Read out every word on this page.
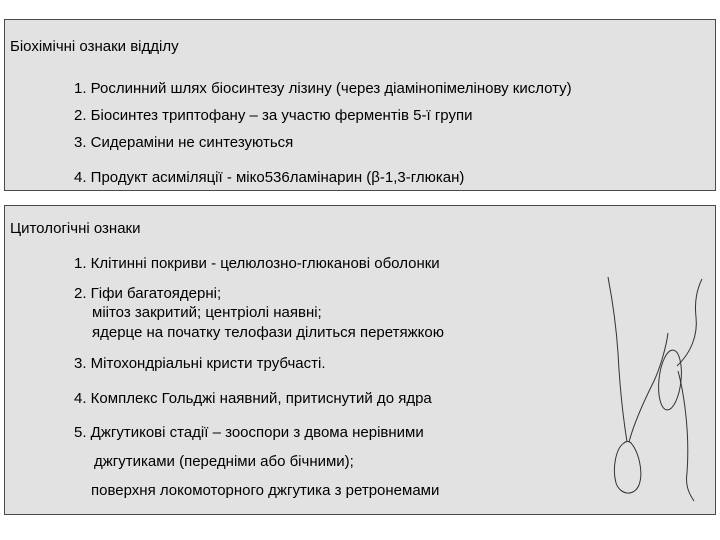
Біохімічні ознаки відділу
1. Рослинний шлях біосинтезу лізину (через діамінопімелінову кислоту)
2. Біосинтез триптофану – за участю ферментів 5-ї групи
3. Сидераміни не синтезуються
4. Продукт асиміляції - міко536ламінарин (β-1,3-глюкан)
Цитологічні ознаки
1. Клітинні покриви - целюлозно-глюканові оболонки
2. Гіфи багатоядерні;
міітоз закритий; центріолі наявні;
ядерце на початку телофази ділиться перетяжкою
3. Мітохондріальні кристи трубчасті.
4. Комплекс Гольджі наявний, притиснутий до ядра
5. Джгутикові стадії – зооспори з двома нерівними
джгутиками (передніми або бічними);
поверхня локомоторного джгутика з ретронемами
